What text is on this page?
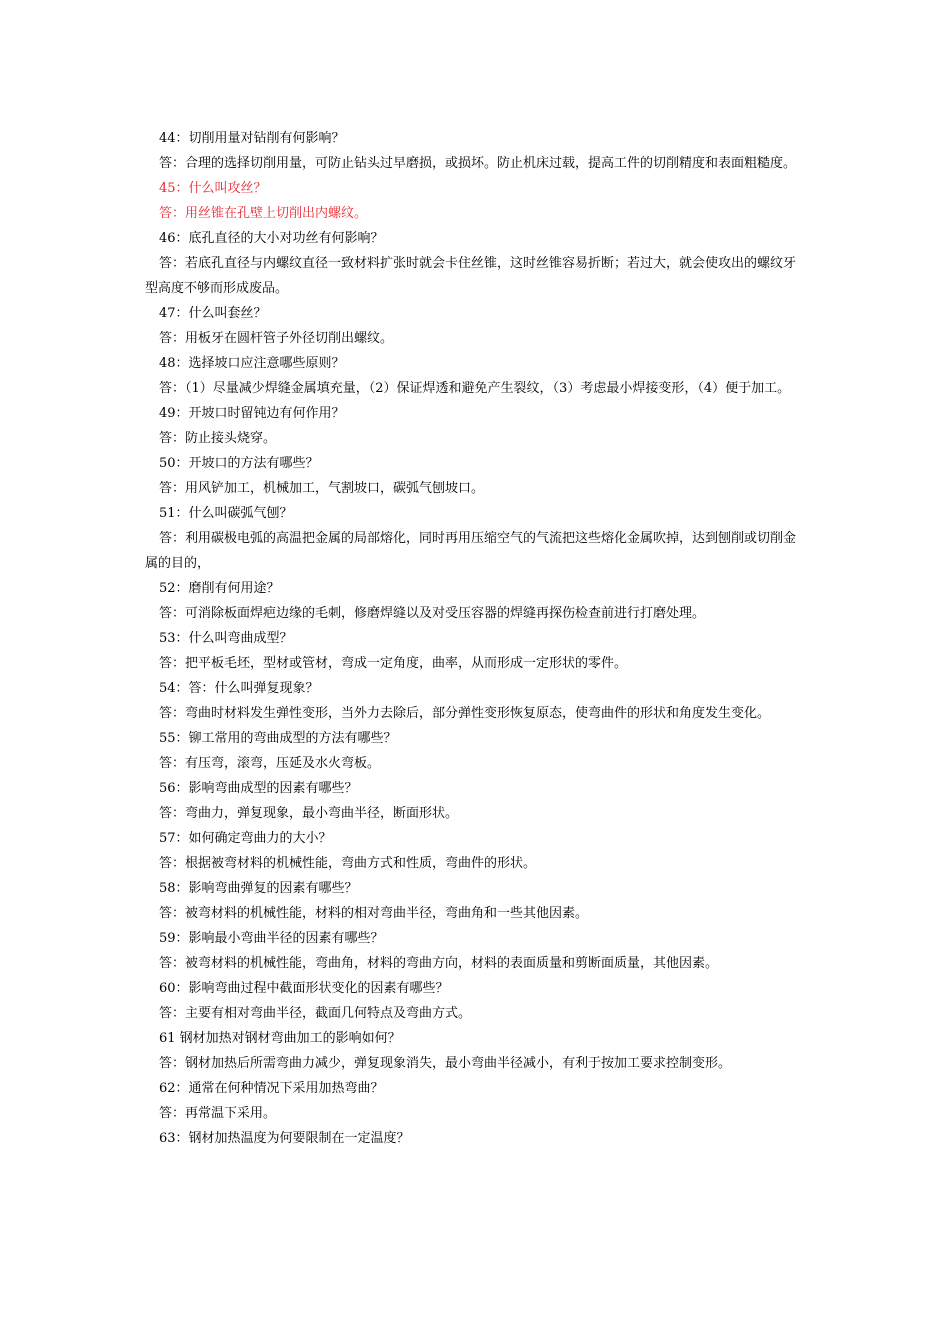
44：切削用量对钻削有何影响？

答：合理的选择切削用量，可防止钻头过早磨损，或损坏。防止机床过载，提高工件的切削精度和表面粗糙度。

45：什么叫攻丝？

答：用丝锥在孔壁上切削出内螺纹。

46：底孔直径的大小对功丝有何影响？

答：若底孔直径与内螺纹直径一致材料扩张时就会卡住丝锥，这时丝锥容易折断；若过大，就会使攻出的螺纹牙型高度不够而形成废品。

47：什么叫套丝？

答：用板牙在圆杆管子外径切削出螺纹。

48：选择坡口应注意哪些原则？

答：（1）尽量减少焊缝金属填充量，（2）保证焊透和避免产生裂纹，（3）考虑最小焊接变形，（4）便于加工。

49：开坡口时留钝边有何作用？

答：防止接头烧穿。

50：开坡口的方法有哪些？

答：用风铲加工，机械加工，气割坡口，碳弧气刨坡口。

51：什么叫碳弧气刨？

答：利用碳极电弧的高温把金属的局部熔化，同时再用压缩空气的气流把这些熔化金属吹掉，达到刨削或切削金属的目的，

52：磨削有何用途？

答：可消除板面焊疤边缘的毛刺，修磨焊缝以及对受压容器的焊缝再探伤检查前进行打磨处理。

53：什么叫弯曲成型？

答：把平板毛坯，型材或管材，弯成一定角度，曲率，从而形成一定形状的零件。

54：答：什么叫弹复现象？

答：弯曲时材料发生弹性变形，当外力去除后，部分弹性变形恢复原态，使弯曲件的形状和角度发生变化。

55：铆工常用的弯曲成型的方法有哪些？

答：有压弯，滚弯，压延及水火弯板。

56：影响弯曲成型的因素有哪些？

答：弯曲力，弹复现象，最小弯曲半径，断面形状。

57：如何确定弯曲力的大小？

答：根据被弯材料的机械性能，弯曲方式和性质，弯曲件的形状。

58：影响弯曲弹复的因素有哪些？

答：被弯材料的机械性能，材料的相对弯曲半径，弯曲角和一些其他因素。

59：影响最小弯曲半径的因素有哪些？

答：被弯材料的机械性能，弯曲角，材料的弯曲方向，材料的表面质量和剪断面质量，其他因素。

60：影响弯曲过程中截面形状变化的因素有哪些？

答：主要有相对弯曲半径，截面几何特点及弯曲方式。

61 钢材加热对钢材弯曲加工的影响如何？

答：钢材加热后所需弯曲力减少，弹复现象消失，最小弯曲半径减小，有利于按加工要求控制变形。

62：通常在何种情况下采用加热弯曲？

答：再常温下采用。

63：钢材加热温度为何要限制在一定温度？
